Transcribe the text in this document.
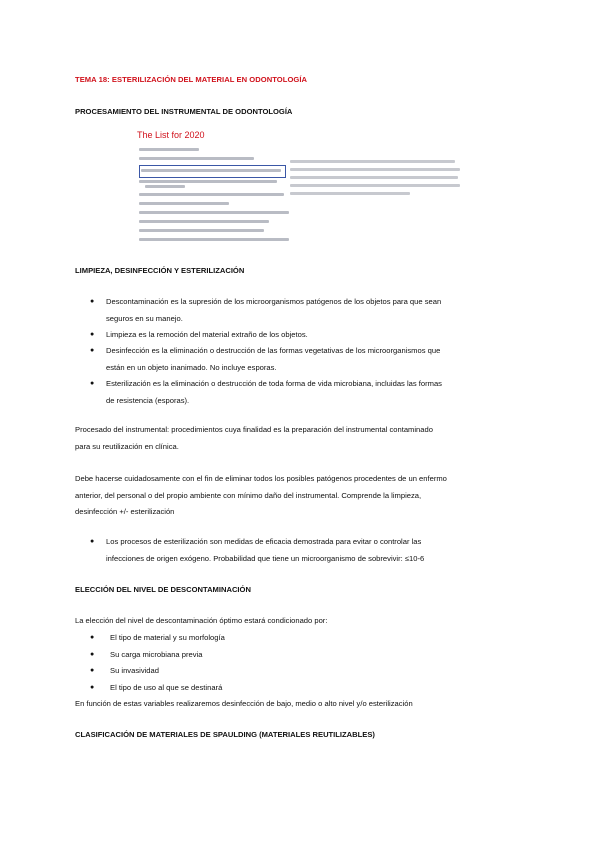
TEMA 18: ESTERILIZACIÓN DEL MATERIAL EN ODONTOLOGÍA
PROCESAMIENTO DEL INSTRUMENTAL DE ODONTOLOGÍA
The List for 2020
LIMPIEZA, DESINFECCIÓN Y ESTERILIZACIÓN
● Descontaminación es la supresión de los microorganismos patógenos de los objetos para que sean
seguros en su manejo.
● Limpieza es la remoción del material extraño de los objetos.
● Desinfección es la eliminación o destrucción de las formas vegetativas de los microorganismos que
están en un objeto inanimado. No incluye esporas.
● Esterilización es la eliminación o destrucción de toda forma de vida microbiana, incluidas las formas
de resistencia (esporas).
Procesado del instrumental: procedimientos cuya finalidad es la preparación del instrumental contaminado
para su reutilización en clínica.
Debe hacerse cuidadosamente con el fin de eliminar todos los posibles patógenos procedentes de un enfermo
anterior, del personal o del propio ambiente con mínimo daño del instrumental. Comprende la limpieza,
desinfección +/- esterilización
● Los procesos de esterilización son medidas de eficacia demostrada para evitar o controlar las
infecciones de origen exógeno. Probabilidad que tiene un microorganismo de sobrevivir: ≤10-6
ELECCIÓN DEL NIVEL DE DESCONTAMINACIÓN
La elección del nivel de descontaminación óptimo estará condicionado por:
● El tipo de material y su morfología
● Su carga microbiana previa
● Su invasividad
● El tipo de uso al que se destinará
En función de estas variables realizaremos desinfección de bajo, medio o alto nivel y/o esterilización
CLASIFICACIÓN DE MATERIALES DE SPAULDING (MATERIALES REUTILIZABLES)
